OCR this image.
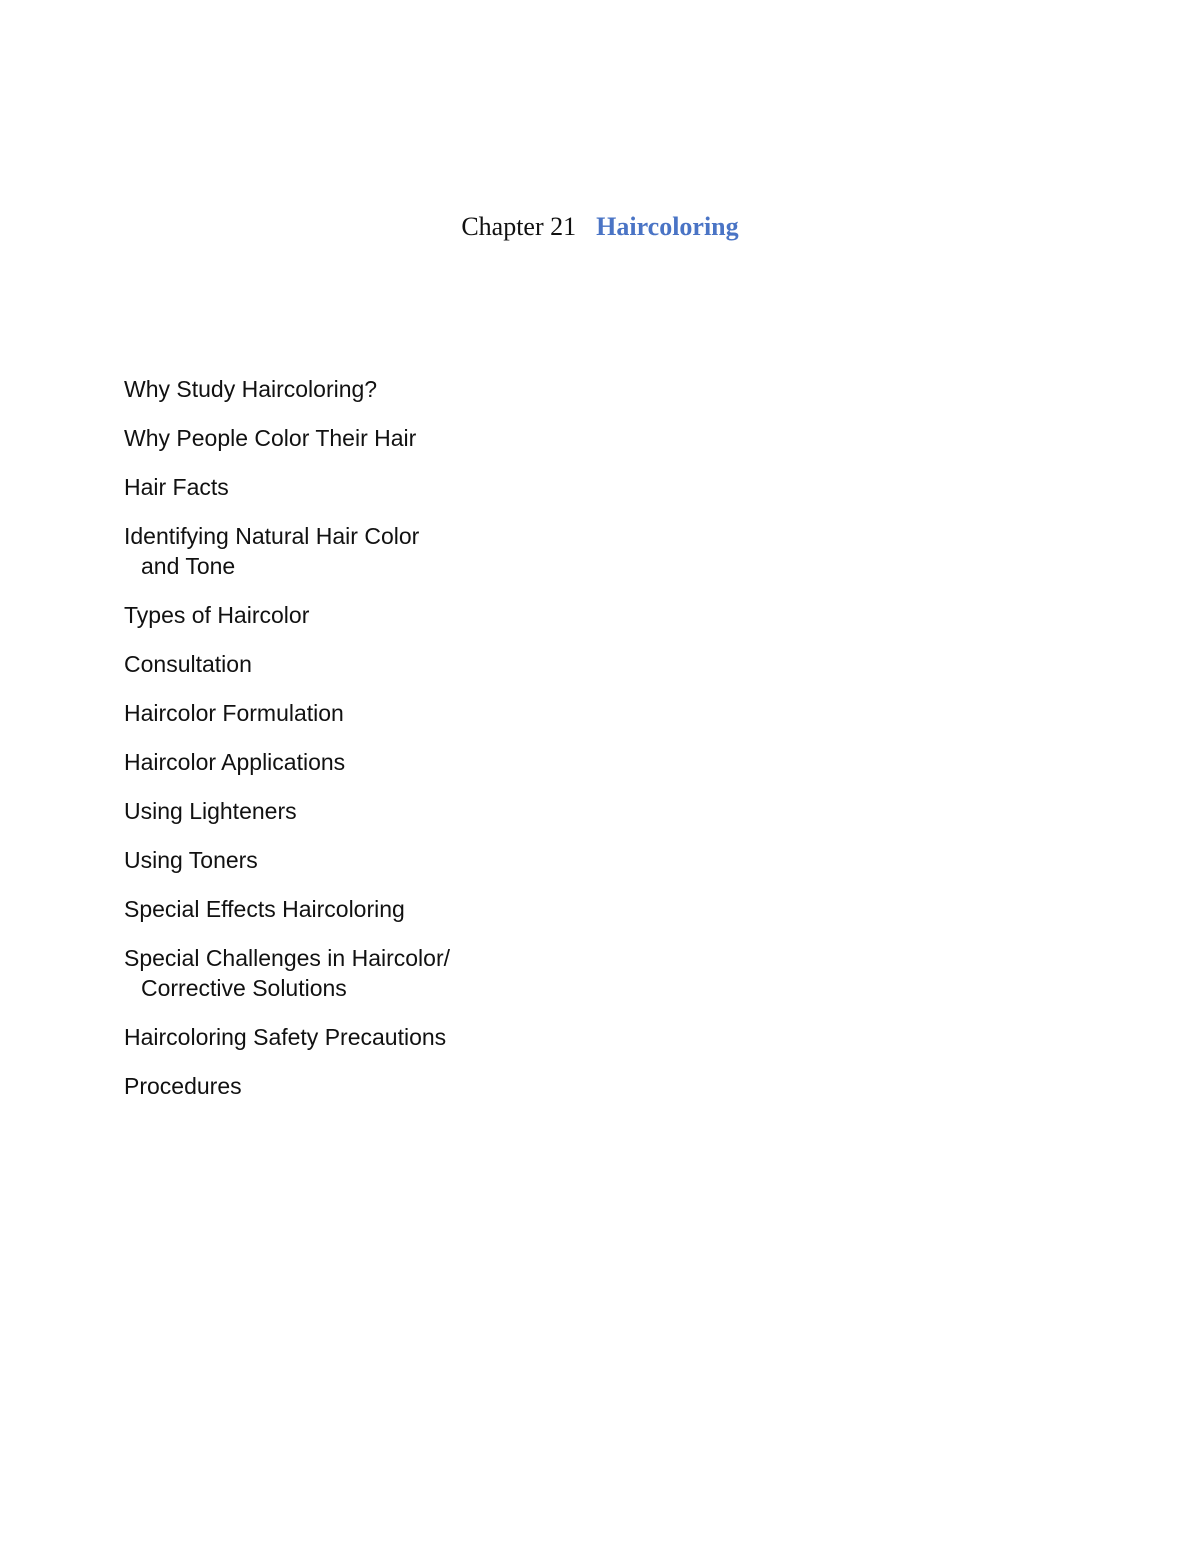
Chapter 21 Haircoloring
Why Study Haircoloring?
Why People Color Their Hair
Hair Facts
Identifying Natural Hair Color
and Tone
Types of Haircolor
Consultation
Haircolor Formulation
Haircolor Applications
Using Lighteners
Using Toners
Special Effects Haircoloring
Special Challenges in Haircolor/
Corrective Solutions
Haircoloring Safety Precautions
Procedures
